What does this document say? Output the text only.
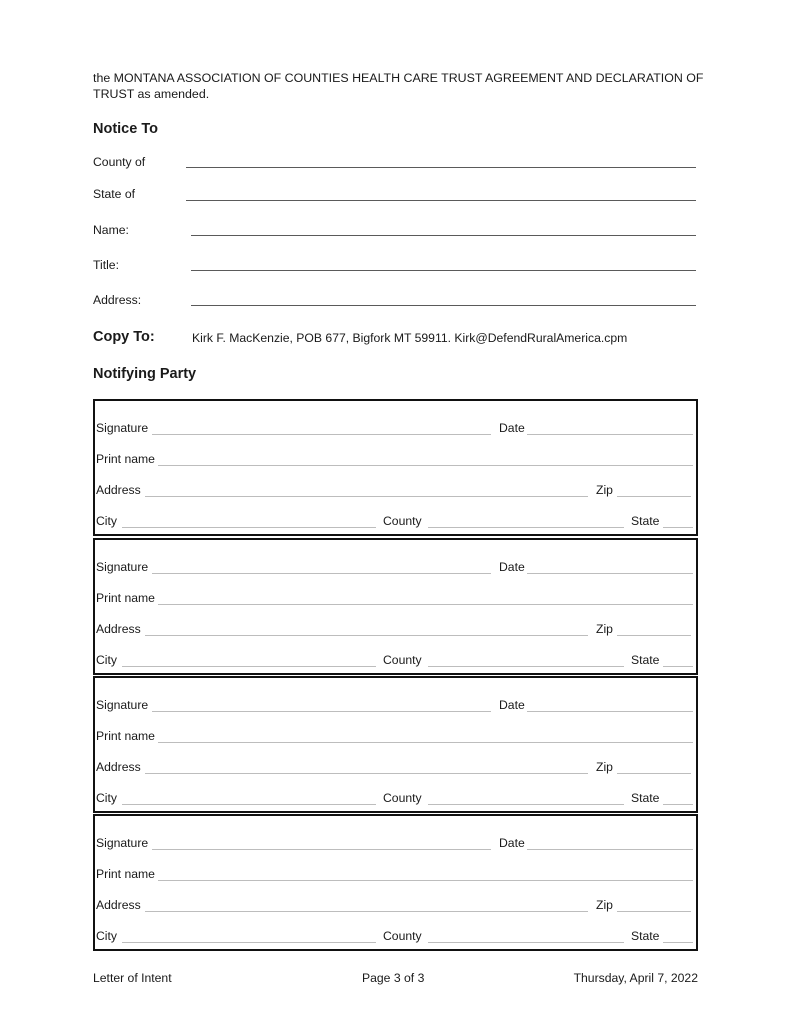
the MONTANA ASSOCIATION OF COUNTIES HEALTH CARE TRUST AGREEMENT AND DECLARATION OF TRUST as amended.
Notice To
County of
State of
Name:
Title:
Address:
Copy To:	Kirk F. MacKenzie, POB 677, Bigfork MT 59911. Kirk@DefendRuralAmerica.cpm
Notifying Party
Signature	Date
Print name
Address	Zip
City	County	State
Signature	Date
Print name
Address	Zip
City	County	State
Signature	Date
Print name
Address	Zip
City	County	State
Signature	Date
Print name
Address	Zip
City	County	State
Letter of Intent	Page 3 of 3	Thursday, April 7, 2022
